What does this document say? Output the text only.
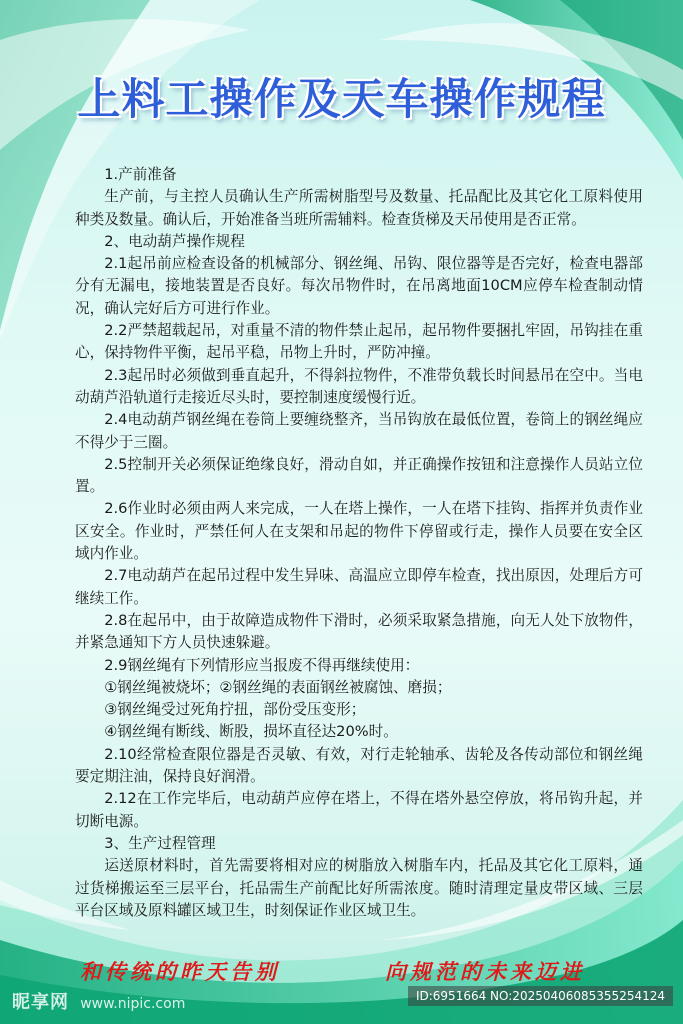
上料工操作及天车操作规程

1.产前准备

生产前，与主控人员确认生产所需树脂型号及数量、托品配比及其它化工原料使用种类及数量。确认后，开始准备当班所需辅料。检查货梯及天吊使用是否正常。

2、电动葫芦操作规程

2.1起吊前应检查设备的机械部分、钢丝绳、吊钩、限位器等是否完好，检查电器部分有无漏电，接地装置是否良好。每次吊物件时，在吊离地面10CM应停车检查制动情况，确认完好后方可进行作业。

2.2严禁超载起吊，对重量不清的物件禁止起吊，起吊物件要捆扎牢固，吊钩挂在重心，保持物件平衡，起吊平稳，吊物上升时，严防冲撞。

2.3起吊时必须做到垂直起升，不得斜拉物件，不准带负载长时间悬吊在空中。当电动葫芦沿轨道行走接近尽头时，要控制速度缓慢行近。

2.4电动葫芦钢丝绳在卷筒上要缠绕整齐，当吊钩放在最低位置，卷筒上的钢丝绳应不得少于三圈。

2.5控制开关必须保证绝缘良好，滑动自如，并正确操作按钮和注意操作人员站立位置。

2.6作业时必须由两人来完成，一人在塔上操作，一人在塔下挂钩、指挥并负责作业区安全。作业时，严禁任何人在支架和吊起的物件下停留或行走，操作人员要在安全区域内作业。

2.7电动葫芦在起吊过程中发生异味、高温应立即停车检查，找出原因，处理后方可继续工作。

2.8在起吊中，由于故障造成物件下滑时，必须采取紧急措施，向无人处下放物件，并紧急通知下方人员快速躲避。

2.9钢丝绳有下列情形应当报废不得再继续使用：

①钢丝绳被烧坏；②钢丝绳的表面钢丝被腐蚀、磨损；

③钢丝绳受过死角拧扭，部份受压变形；

④钢丝绳有断线、断股，损坏直径达20%时。

2.10经常检查限位器是否灵敏、有效，对行走轮轴承、齿轮及各传动部位和钢丝绳要定期注油，保持良好润滑。

2.12在工作完毕后，电动葫芦应停在塔上，不得在塔外悬空停放，将吊钩升起，并切断电源。

3、生产过程管理

运送原材料时，首先需要将相对应的树脂放入树脂车内，托品及其它化工原料，通过货梯搬运至三层平台，托品需生产前配比好所需浓度。随时清理定量皮带区域、三层平台区域及原料罐区域卫生，时刻保证作业区域卫生。

和传统的昨天告别	向规范的未来迈进
昵享网 www.nipic.com	ID:6951664 NO:20250406085355254124
